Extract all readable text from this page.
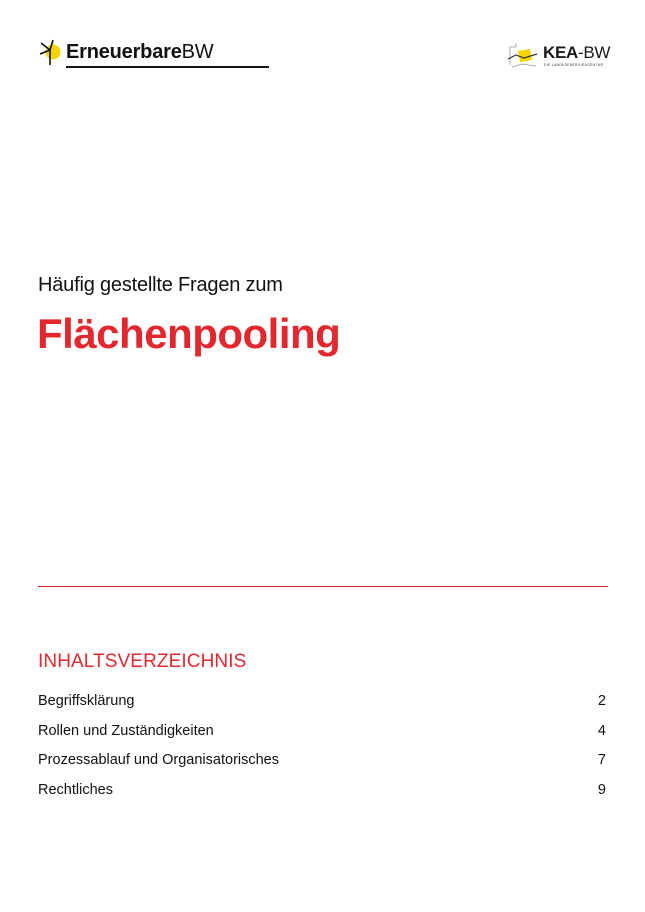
ErneuerbareBW	KEA-BW
DIE LANDESENERGIEAGENTUR
Häufig gestellte Fragen zum
Flächenpooling
INHALTSVERZEICHNIS
Begriffsklärung	2
Rollen und Zuständigkeiten	4
Prozessablauf und Organisatorisches	7
Rechtliches	9
